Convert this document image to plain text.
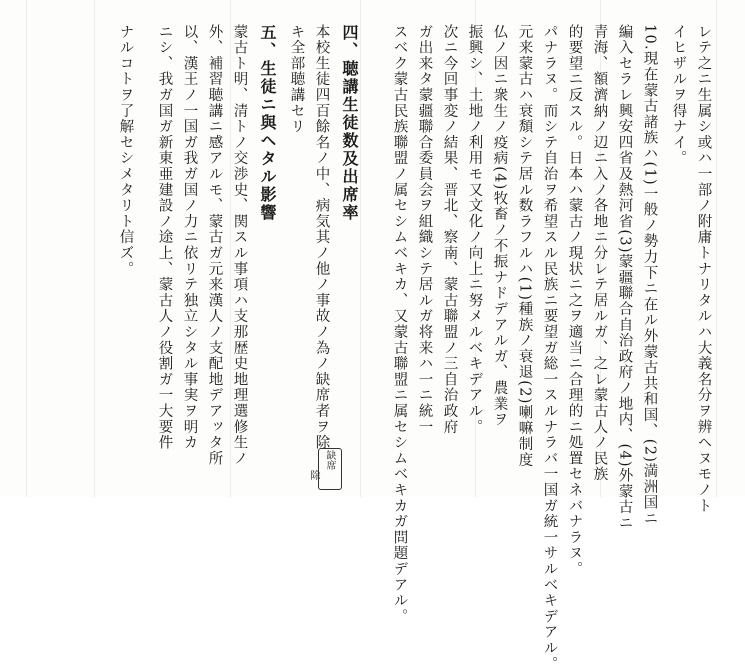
レテ之ニ生属シ或ハ一部ノ附庸トナリタルハ大義名分ヲ辨ヘヌモノト
イヒザルヲ得ナイ。
10.現在蒙古諸族ハ(1)一般ノ勢力下ニ在ル外蒙古共和国、(2)満洲国ニ
編入セラレ興安四省及熱河省(3)蒙疆聯合自治政府ノ地内、(4)外蒙古ニ
青海、額濟納ノ辺ニ入ノ各地ニ分レテ居ルガ、之レ蒙古人ノ民族
的要望ニ反スル。日本ハ蒙古ノ現状ニ之ヲ適当ニ合理的ニ処置セネバナラヌ。
パナラヌ。而シテ自治ヲ希望スル民族ニ要望ガ総一スルナラバ一国ガ統一サルベキデアル。
元来蒙古ハ衰頽シテ居ル数ラフルハ(1)種族ノ衰退(2)喇嘛制度
仏ノ因ニ衆生ノ疫病(4)牧畜ノ不振ナドデアルガ、農業ヲ
振興シ、土地ノ利用モ又文化ノ向上ニ努メルベキデアル。
次ニ今回事変ノ結果、晋北、察南、蒙古聯盟ノ三自治政府
ガ出来タ蒙疆聯合委員会ヲ組織シテ居ルガ将来ハ一ニ統一
スベク蒙古民族聯盟ノ属セシムベキカ、又蒙古聯盟ニ属セシムベキカガ問題デアル。
四、聴講生徒数及出席率
本校生徒四百餘名ノ中、病気其ノ他ノ事故ノ為ノ缺席者ヲ除
キ全部聴講セリ
五、生徒ニ與ヘタル影響
蒙古ト明、清トノ交渉史、関スル事項ハ支那歴史地理選修生ノ
外、補習聴講ニ感アルモ、蒙古ガ元来漢人ノ支配地デアッタ所
以、漢王ノ一国ガ我ガ国ノ力ニ依リテ独立シタル事実ヲ明カ
ニシ、我ガ国ガ新東亜建設ノ途上、蒙古人ノ役割ガ一大要件
ナルコトヲ了解セシメタリト信ズ。
缺席
除
